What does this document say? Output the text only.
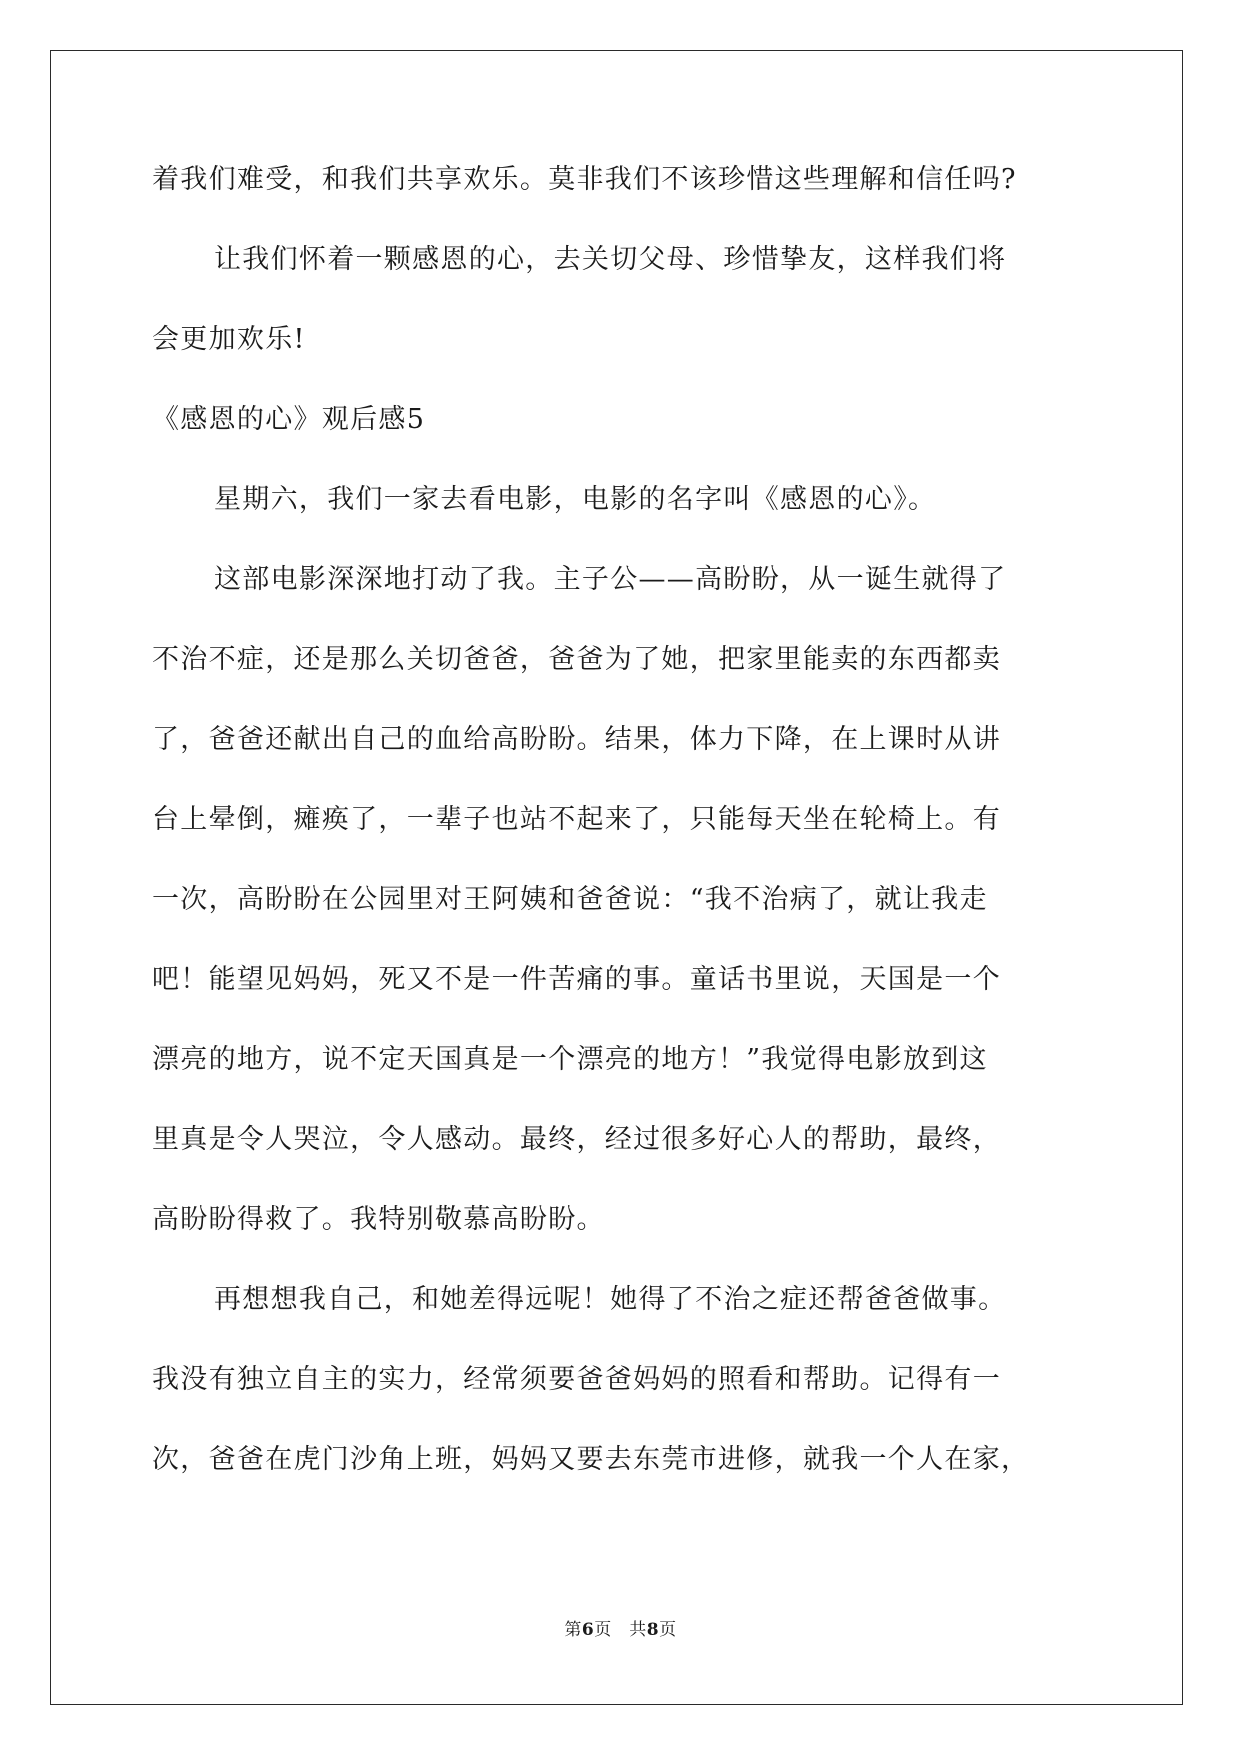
着我们难受，和我们共享欢乐。莫非我们不该珍惜这些理解和信任吗?
让我们怀着一颗感恩的心，去关切父母、珍惜挚友，这样我们将
会更加欢乐!
《感恩的心》观后感5
星期六，我们一家去看电影，电影的名字叫《感恩的心》。
这部电影深深地打动了我。主子公——高盼盼，从一诞生就得了
不治不症，还是那么关切爸爸，爸爸为了她，把家里能卖的东西都卖
了，爸爸还献出自己的血给高盼盼。结果，体力下降，在上课时从讲
台上晕倒，瘫痪了，一辈子也站不起来了，只能每天坐在轮椅上。有
一次，高盼盼在公园里对王阿姨和爸爸说：“我不治病了，就让我走
吧！能望见妈妈，死又不是一件苦痛的事。童话书里说，天国是一个
漂亮的地方，说不定天国真是一个漂亮的地方！”我觉得电影放到这
里真是令人哭泣，令人感动。最终，经过很多好心人的帮助，最终，
高盼盼得救了。我特别敬慕高盼盼。
再想想我自己，和她差得远呢！她得了不治之症还帮爸爸做事。
我没有独立自主的实力，经常须要爸爸妈妈的照看和帮助。记得有一
次，爸爸在虎门沙角上班，妈妈又要去东莞市进修，就我一个人在家，
第6页　共8页
